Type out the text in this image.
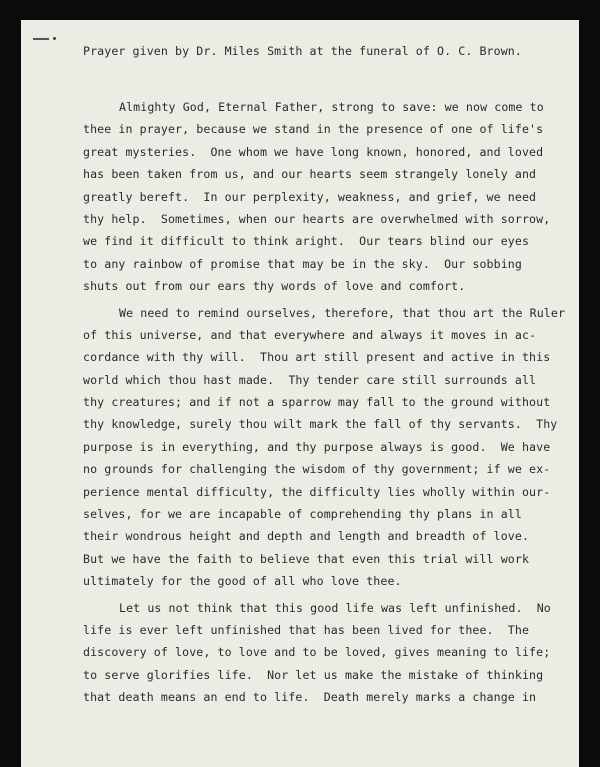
Prayer given by Dr. Miles Smith at the funeral of O. C. Brown.
Almighty God, Eternal Father, strong to save: we now come to
thee in prayer, because we stand in the presence of one of life's
great mysteries.  One whom we have long known, honored, and loved
has been taken from us, and our hearts seem strangely lonely and
greatly bereft.  In our perplexity, weakness, and grief, we need
thy help.  Sometimes, when our hearts are overwhelmed with sorrow,
we find it difficult to think aright.  Our tears blind our eyes
to any rainbow of promise that may be in the sky.  Our sobbing
shuts out from our ears thy words of love and comfort.
We need to remind ourselves, therefore, that thou art the Ruler
of this universe, and that everywhere and always it moves in ac-
cordance with thy will.  Thou art still present and active in this
world which thou hast made.  Thy tender care still surrounds all
thy creatures; and if not a sparrow may fall to the ground without
thy knowledge, surely thou wilt mark the fall of thy servants.  Thy
purpose is in everything, and thy purpose always is good.  We have
no grounds for challenging the wisdom of thy government; if we ex-
perience mental difficulty, the difficulty lies wholly within our-
selves, for we are incapable of comprehending thy plans in all
their wondrous height and depth and length and breadth of love.
But we have the faith to believe that even this trial will work
ultimately for the good of all who love thee.
Let us not think that this good life was left unfinished.  No
life is ever left unfinished that has been lived for thee.  The
discovery of love, to love and to be loved, gives meaning to life;
to serve glorifies life.  Nor let us make the mistake of thinking
that death means an end to life.  Death merely marks a change in
